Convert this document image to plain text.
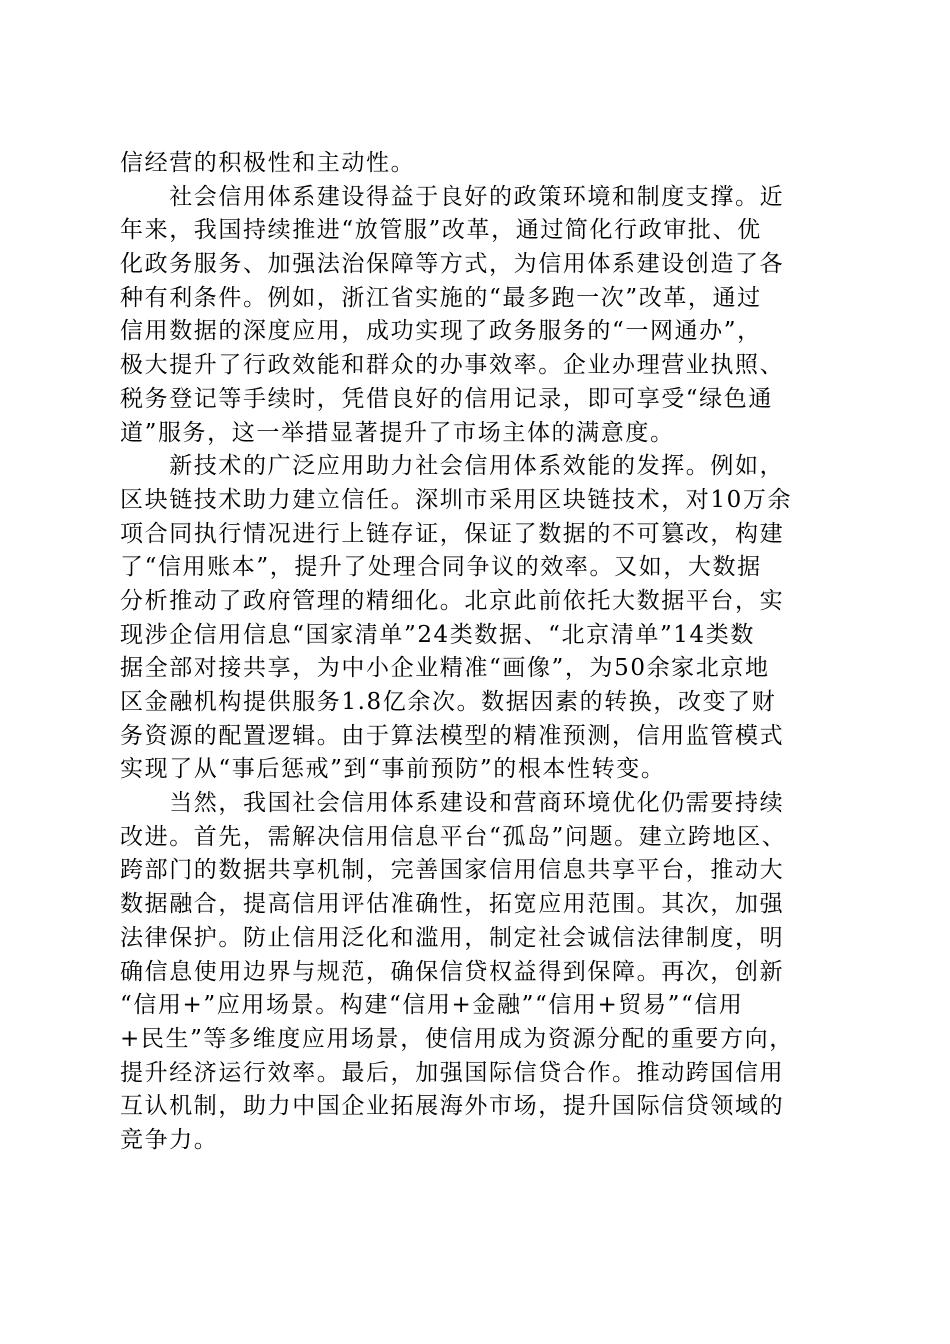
信经营的积极性和主动性。
　　社会信用体系建设得益于良好的政策环境和制度支撑。近
年来，我国持续推进“放管服”改革，通过简化行政审批、优
化政务服务、加强法治保障等方式，为信用体系建设创造了各
种有利条件。例如，浙江省实施的“最多跑一次”改革，通过
信用数据的深度应用，成功实现了政务服务的“一网通办”，
极大提升了行政效能和群众的办事效率。企业办理营业执照、
税务登记等手续时，凭借良好的信用记录，即可享受“绿色通
道”服务，这一举措显著提升了市场主体的满意度。
　　新技术的广泛应用助力社会信用体系效能的发挥。例如，
区块链技术助力建立信任。深圳市采用区块链技术，对10万余
项合同执行情况进行上链存证，保证了数据的不可篡改，构建
了“信用账本”，提升了处理合同争议的效率。又如，大数据
分析推动了政府管理的精细化。北京此前依托大数据平台，实
现涉企信用信息“国家清单”24类数据、“北京清单”14类数
据全部对接共享，为中小企业精准“画像”，为50余家北京地
区金融机构提供服务1.8亿余次。数据因素的转换，改变了财
务资源的配置逻辑。由于算法模型的精准预测，信用监管模式
实现了从“事后惩戒”到“事前预防”的根本性转变。
　　当然，我国社会信用体系建设和营商环境优化仍需要持续
改进。首先，需解决信用信息平台“孤岛”问题。建立跨地区、
跨部门的数据共享机制，完善国家信用信息共享平台，推动大
数据融合，提高信用评估准确性，拓宽应用范围。其次，加强
法律保护。防止信用泛化和滥用，制定社会诚信法律制度，明
确信息使用边界与规范，确保信贷权益得到保障。再次，创新
“信用+”应用场景。构建“信用+金融”“信用+贸易”“信用
+民生”等多维度应用场景，使信用成为资源分配的重要方向，
提升经济运行效率。最后，加强国际信贷合作。推动跨国信用
互认机制，助力中国企业拓展海外市场，提升国际信贷领域的
竞争力。
